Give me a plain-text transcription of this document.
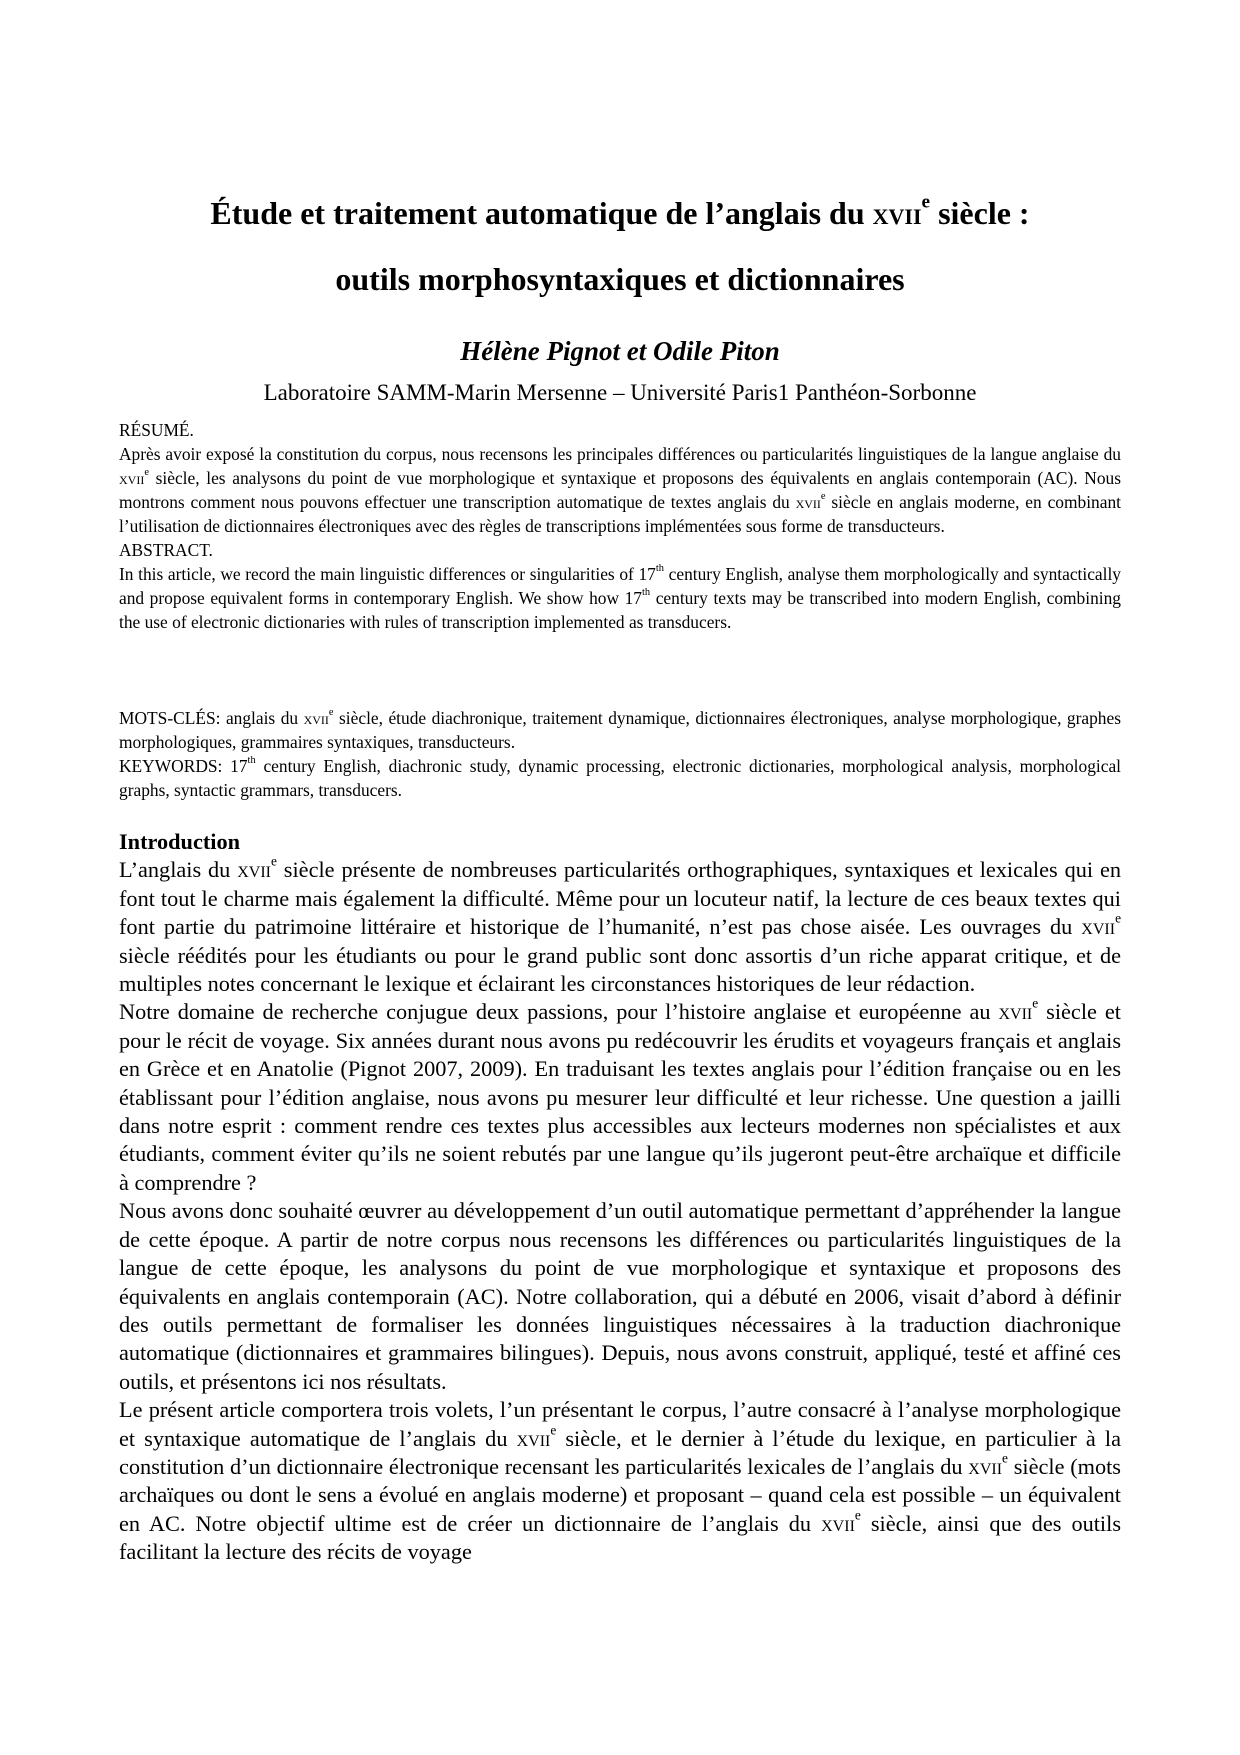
Étude et traitement automatique de l’anglais du xvii$^e$ siècle :
outils morphosyntaxiques et dictionnaires

Hélène Pignot et Odile Piton

Laboratoire SAMM-Marin Mersenne – Université Paris1 Panthéon-Sorbonne

RÉSUMÉ.

Après avoir exposé la constitution du corpus, nous recensons les principales différences ou particularités linguistiques de la langue anglaise du xvii$^e$ siècle, les analysons du point de vue morphologique et syntaxique et proposons des équivalents en anglais contemporain (AC). Nous montrons comment nous pouvons effectuer une transcription automatique de textes anglais du xvii$^e$ siècle en anglais moderne, en combinant l’utilisation de dictionnaires électroniques avec des règles de transcriptions implémentées sous forme de transducteurs.

ABSTRACT.

In this article, we record the main linguistic differences or singularities of 17th century English, analyse them morphologically and syntactically and propose equivalent forms in contemporary English. We show how 17th century texts may be transcribed into modern English, combining the use of electronic dictionaries with rules of transcription implemented as transducers.

MOTS-CLÉS: anglais du xvii$^e$ siècle, étude diachronique, traitement dynamique, dictionnaires électroniques, analyse morphologique, graphes morphologiques, grammaires syntaxiques, transducteurs.

KEYWORDS: 17th century English, diachronic study, dynamic processing, electronic dictionaries, morphological analysis, morphological graphs, syntactic grammars, transducers.

Introduction

L’anglais du xvii$^e$ siècle présente de nombreuses particularités orthographiques, syntaxiques et lexicales qui en font tout le charme mais également la difficulté. Même pour un locuteur natif, la lecture de ces beaux textes qui font partie du patrimoine littéraire et historique de l’humanité, n’est pas chose aisée. Les ouvrages du xvii$^e$ siècle réédités pour les étudiants ou pour le grand public sont donc assortis d’un riche apparat critique, et de multiples notes concernant le lexique et éclairant les circonstances historiques de leur rédaction.

Notre domaine de recherche conjugue deux passions, pour l’histoire anglaise et européenne au xvii$^e$ siècle et pour le récit de voyage. Six années durant nous avons pu redécouvrir les érudits et voyageurs français et anglais en Grèce et en Anatolie (Pignot 2007, 2009). En traduisant les textes anglais pour l’édition française ou en les établissant pour l’édition anglaise, nous avons pu mesurer leur difficulté et leur richesse. Une question a jailli dans notre esprit : comment rendre ces textes plus accessibles aux lecteurs modernes non spécialistes et aux étudiants, comment éviter qu’ils ne soient rebutés par une langue qu’ils jugeront peut-être archaïque et difficile à comprendre ?

Nous avons donc souhaité œuvrer au développement d’un outil automatique permettant d’appréhender la langue de cette époque. A partir de notre corpus nous recensons les différences ou particularités linguistiques de la langue de cette époque, les analysons du point de vue morphologique et syntaxique et proposons des équivalents en anglais contemporain (AC). Notre collaboration, qui a débuté en 2006, visait d’abord à définir des outils permettant de formaliser les données linguistiques nécessaires à la traduction diachronique automatique (dictionnaires et grammaires bilingues). Depuis, nous avons construit, appliqué, testé et affiné ces outils, et présentons ici nos résultats.

Le présent article comportera trois volets, l’un présentant le corpus, l’autre consacré à l’analyse morphologique et syntaxique automatique de l’anglais du xvii$^e$ siècle, et le dernier à l’étude du lexique, en particulier à la constitution d’un dictionnaire électronique recensant les particularités lexicales de l’anglais du xvii$^e$ siècle (mots archaïques ou dont le sens a évolué en anglais moderne) et proposant – quand cela est possible – un équivalent en AC. Notre objectif ultime est de créer un dictionnaire de l’anglais du xvii$^e$ siècle, ainsi que des outils facilitant la lecture des récits de voyage
